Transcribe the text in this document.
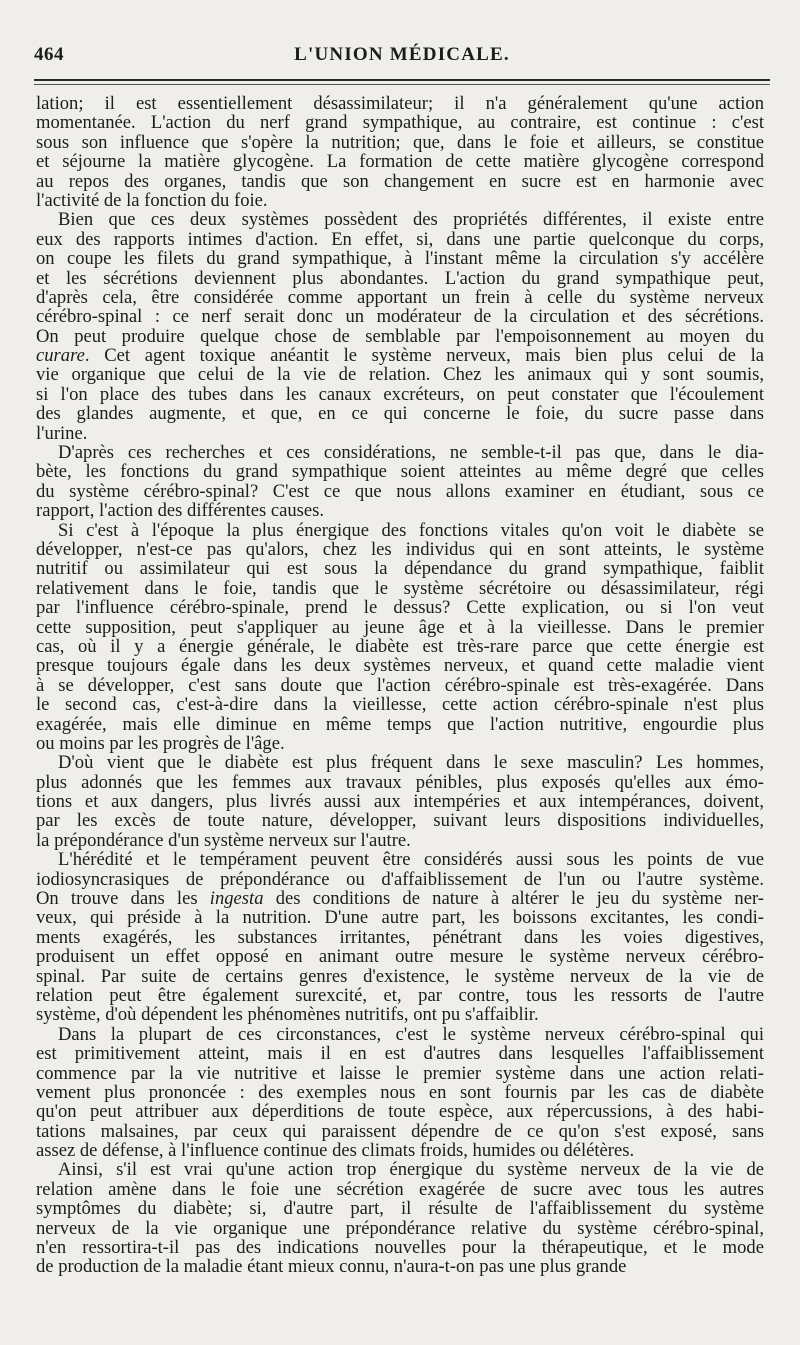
464	L'UNION MÉDICALE.
lation; il est essentiellement désassimilateur; il n'a généralement qu'une action
momentanée. L'action du nerf grand sympathique, au contraire, est continue : c'est
sous son influence que s'opère la nutrition; que, dans le foie et ailleurs, se constitue
et séjourne la matière glycogène. La formation de cette matière glycogène correspond
au repos des organes, tandis que son changement en sucre est en harmonie avec
l'activité de la fonction du foie.
Bien que ces deux systèmes possèdent des propriétés différentes, il existe entre
eux des rapports intimes d'action. En effet, si, dans une partie quelconque du corps,
on coupe les filets du grand sympathique, à l'instant même la circulation s'y accélère
et les sécrétions deviennent plus abondantes. L'action du grand sympathique peut,
d'après cela, être considérée comme apportant un frein à celle du système nerveux
cérébro-spinal : ce nerf serait donc un modérateur de la circulation et des sécrétions.
On peut produire quelque chose de semblable par l'empoisonnement au moyen du
curare. Cet agent toxique anéantit le système nerveux, mais bien plus celui de la
vie organique que celui de la vie de relation. Chez les animaux qui y sont soumis,
si l'on place des tubes dans les canaux excréteurs, on peut constater que l'écoulement
des glandes augmente, et que, en ce qui concerne le foie, du sucre passe dans
l'urine.
D'après ces recherches et ces considérations, ne semble-t-il pas que, dans le dia-
bète, les fonctions du grand sympathique soient atteintes au même degré que celles
du système cérébro-spinal? C'est ce que nous allons examiner en étudiant, sous ce
rapport, l'action des différentes causes.
Si c'est à l'époque la plus énergique des fonctions vitales qu'on voit le diabète se
développer, n'est-ce pas qu'alors, chez les individus qui en sont atteints, le système
nutritif ou assimilateur qui est sous la dépendance du grand sympathique, faiblit
relativement dans le foie, tandis que le système sécrétoire ou désassimilateur, régi
par l'influence cérébro-spinale, prend le dessus? Cette explication, ou si l'on veut
cette supposition, peut s'appliquer au jeune âge et à la vieillesse. Dans le premier
cas, où il y a énergie générale, le diabète est très-rare parce que cette énergie est
presque toujours égale dans les deux systèmes nerveux, et quand cette maladie vient
à se développer, c'est sans doute que l'action cérébro-spinale est très-exagérée. Dans
le second cas, c'est-à-dire dans la vieillesse, cette action cérébro-spinale n'est plus
exagérée, mais elle diminue en même temps que l'action nutritive, engourdie plus
ou moins par les progrès de l'âge.
D'où vient que le diabète est plus fréquent dans le sexe masculin? Les hommes,
plus adonnés que les femmes aux travaux pénibles, plus exposés qu'elles aux émo-
tions et aux dangers, plus livrés aussi aux intempéries et aux intempérances, doivent,
par les excès de toute nature, développer, suivant leurs dispositions individuelles,
la prépondérance d'un système nerveux sur l'autre.
L'hérédité et le tempérament peuvent être considérés aussi sous les points de vue
iodiosyncrasiques de prépondérance ou d'affaiblissement de l'un ou l'autre système.
On trouve dans les ingesta des conditions de nature à altérer le jeu du système ner-
veux, qui préside à la nutrition. D'une autre part, les boissons excitantes, les condi-
ments exagérés, les substances irritantes, pénétrant dans les voies digestives,
produisent un effet opposé en animant outre mesure le système nerveux cérébro-
spinal. Par suite de certains genres d'existence, le système nerveux de la vie de
relation peut être également surexcité, et, par contre, tous les ressorts de l'autre
système, d'où dépendent les phénomènes nutritifs, ont pu s'affaiblir.
Dans la plupart de ces circonstances, c'est le système nerveux cérébro-spinal qui
est primitivement atteint, mais il en est d'autres dans lesquelles l'affaiblissement
commence par la vie nutritive et laisse le premier système dans une action relati-
vement plus prononcée : des exemples nous en sont fournis par les cas de diabète
qu'on peut attribuer aux déperditions de toute espèce, aux répercussions, à des habi-
tations malsaines, par ceux qui paraissent dépendre de ce qu'on s'est exposé, sans
assez de défense, à l'influence continue des climats froids, humides ou délétères.
Ainsi, s'il est vrai qu'une action trop énergique du système nerveux de la vie de
relation amène dans le foie une sécrétion exagérée de sucre avec tous les autres
symptômes du diabète; si, d'autre part, il résulte de l'affaiblissement du système
nerveux de la vie organique une prépondérance relative du système cérébro-spinal,
n'en ressortira-t-il pas des indications nouvelles pour la thérapeutique, et le mode
de production de la maladie étant mieux connu, n'aura-t-on pas une plus grande
